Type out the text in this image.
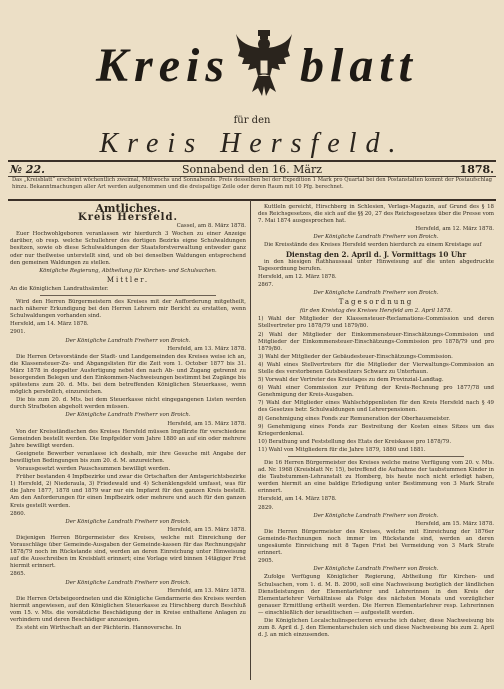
Kreis blatt
für den
Kreis Hersfeld.
Sonnabend den 16. März
№ 22.	1878.
Das „Kreisblatt“ erscheint wöchentlich zweimal, Mittwochs und Sonnabends. Preis desselben bei der Expedition 1 Mark pro Quartal bei den Postanstalten kommt der Postaufschlag hinzu. Bekanntmachungen aller Art werden aufgenommen und die dreispaltige Zeile oder deren Raum mit 10 Pfg. berechnet.

Amtliches.

Kreis Hersfeld.

Cassel, am 8. März 1878.

Euer Hochwohlgeboren veranlassen wir hierdurch 3 Wochen zu einer Anzeige darüber, ob resp. welche Schullehrer des dortigen Bezirks eigne Schulwaldungen besitzen, sowie ob diese Schulwaldungen der Staatsforstverwaltung entweder ganz oder nur theilweise unterstellt sind, und ob bei denselben Waldungen entsprechend den gemeinen Waldungen zu stellen.

Königliche Regierung, Abtheilung für Kirchen- und Schulsachen.

Mittler.

An die Königlichen Landrathsämter.

Wird den Herren Bürgermeistern des Kreises mit der Aufforderung mitgetheilt, nach näherer Erkundigung bei den Herren Lehrern mir Bericht zu erstatten, wenn Schulwaldungen vorhanden sind.

Hersfeld, am 14. März 1878.

2901.

Der Königliche Landrath Freiherr von Broich.

Hersfeld, am 13. März 1878.

Die Herren Ortsvorstände der Stadt- und Landgemeinden des Kreises weise ich an, die Klassensteuer-Zu- und Abgangslisten für die Zeit vom 1. October 1877 bis 31. März 1878 in doppelter Ausfertigung nebst den nach Ab- und Zugang getrennt zu besorgenden Belegen und den Einkommen-Nachweisungen bestimmt bei Zugänge bis spätestens zum 20. d. Mts. bei dem betreffenden Königlichen Steuerkasse, wenn möglich persönlich, einzureichen.

Die bis zum 20. d. Mts. bei dem Steuerkasse nicht eingegangenen Listen werden durch Strafboten abgeholt werden müssen.

Der Königliche Landrath Freiherr von Broich.

Hersfeld, am 15. März 1878.

Von der Kreisständischen des Kreises Hersfeld müssen Impfärzte für verschiedene Gemeinden bestellt werden. Die Impfgelder vom Jahre 1880 an auf ein oder mehrere Jahre bewilligt werden.

Geeignete Bewerber veranlasse ich deshalb, mir ihre Gesuche mit Angabe der bewilligten Bedingungen bis zum 20. d. M. anzureichen.

Vorausgesetzt werden Pauschsummen bewilligt werden.

Früher bestanden 4 Impfbezirke und zwar die Ortschaften der Amtsgerichtsbezirke 1) Hersfeld, 2) Niederaula, 3) Friedewald und 4) Schenklengsfeld umfasst, was für die Jahre 1877, 1878 und 1879 war nur ein Impfarzt für den ganzen Kreis bestellt. Am den Anforderungen für einen Impfbezirk oder mehrere und auch für den ganzen Kreis gestellt werden.

2860.

Der Königliche Landrath Freiherr von Broich.

Hersfeld, am 15. März 1878.

Diejenigen Herren Bürgermeister des Kreises, welche mit Einreichung der Vorauschläge über Gemeinde-Ausgaben der Gemeinde-kassen für das Rechnungsjahr 1878/79 noch im Rückstande sind, werden an deren Einreichung unter Hinweisung auf die Ausschreiben im Kreisblatt erinnert; eine Vorlage wird binnen 14tägiger Frist hiermit erinnert.

2865.

Der Königliche Landrath Freiherr von Broich.

Hersfeld, am 13. März 1878.

Die Herren Ortsbeigeordneten und die Königliche Gendarmerie des Kreises werden hiermit angewiesen, auf den Königlichen Steuerkasse zu Hirschberg durch Beschluß vom 15. v. Mts. die vorsätzliche Beschädigung der in Kreise enthaltene Anlagen zu verhindern und deren Beschädiger anzuzeigen.

Es steht ein Wirthschaft an der Pächterin. Hannoversche. In

Kuttleln gereicht, Hirschberg in Schlesien, Verlags-Magazin, auf Grund des § 18 des Reichsgesetzes, die sich auf die §§ 20, 27 des Reichsgesetzes über die Presse vom 7. Mai 1874 ausgesprochen hat.

Hersfeld, am 12. März 1878.

Der Königliche Landrath Freiherr von Broich.

Die Kreisstände des Kreises Hersfeld werden hierdurch zu einem Kreistage auf

Dienstag den 2. April d. J. Vormittags 10 Uhr

in den hiesigen Rathhaussaal unter Hinweisung auf die unten abgedruckte Tagesordnung berufen.

Hersfeld, am 12. März 1878.

2867.

Der Königliche Landrath Freiherr von Broich.

Tagesordnung

für den Kreistag des Kreises Hersfeld am 2. April 1878.

1) Wahl der Mitglieder der Klassensteuer-Reclamations-Commission und deren Stellvertreter pro 1878/79 und 1879/80.

2) Wahl der Mitglieder der Einkommensteuer-Einschätzungs-Commission und Mitglieder der Einkommensteuer-Einschätzungs-Commission pro 1878/79 und pro 1879/80.

3) Wahl der Mitglieder der Gebäudesteuer-Einschätzungs-Commission.

4) Wahl eines Stellvertreters für die Mitglieder der Vierwaltungs-Commission an Stelle des verstorbenen Gutsbesitzers Schwarz zu Unterhaun.

5) Vorwahl der Vertreter des Kreistages zu dem Provinzial-Landtag.

6) Wahl einer Commission zur Prüfung der Kreis-Rechnung pro 1877/78 und Genehmigung der Kreis-Ausgaben.

7) Wahl der Mitglieder eines Wahlschöppenlisten für den Kreis Hersfeld nach § 49 des Gesetzes betr. Schulwaldungen und Lehrerpensionen.

8) Genehmigung eines Fonds zur Remuneration der Oberhausmeister.

9) Genehmigung eines Fonds zur Bestreitung der Kosten eines Sitzes um das Kriegerdenkmal.

10) Berathung und Feststellung des Etats der Kreiskasse pro 1878/79.

11) Wahl von Mitgliedern für die Jahre 1879, 1880 und 1881.

Die 16 Herren Bürgermeister des Kreises welche meine Verfügung vom 20. v. Mts. ad. Nr. 1968 (Kreisblatt Nr. 15), betreffend die Aufnahme der taubstummen Kinder in die Taubstummen-Lehranstalt zu Homberg, bis heute noch nicht erledigt haben, werden hiermit an eine baldige Erledigung unter Bestimmung von 3 Mark Strafe erinnert.

Hersfeld, am 14. März 1878.

2829.

Der Königliche Landrath Freiherr von Broich.

Hersfeld, am 15. März 1878.

Die Herren Bürgermeister des Kreises, welche mit Einreichung der 1876er Gemeinde-Rechnungen noch immer im Rückstande sind, werden an deren ungesäumte Einreichung mit 8 Tagen Frist bei Vermeidung von 3 Mark Strafe erinnert.

2905.

Der Königliche Landrath Freiherr von Broich.

Zufolge Verfügung Königlicher Regierung, Abtheilung für Kirchen- und Schulsachen, vom 1. d. M. B. 2090, soll eine Nachweisung bezüglich der ländlichen Dienstleistungen der Elementarlehrer und Lehrerinnen in den Kreis der Elementarlehrer Verhältnisse als Folge des nächsten Monats und vorzüglicher genauer Ermittlung ertheilt werden. Die Herren Elementarlehrer resp. Lehrerinnen — einschließlich der israelitischen — aufgestellt werden.

Die Königlichen Localschulinspectoren ersuche ich daher, diese Nachweisung bis zum 8. April d. J. den Elementarschulen sich und diese Nachweisung bis zum 2. April d. J. an mich einzusenden.
